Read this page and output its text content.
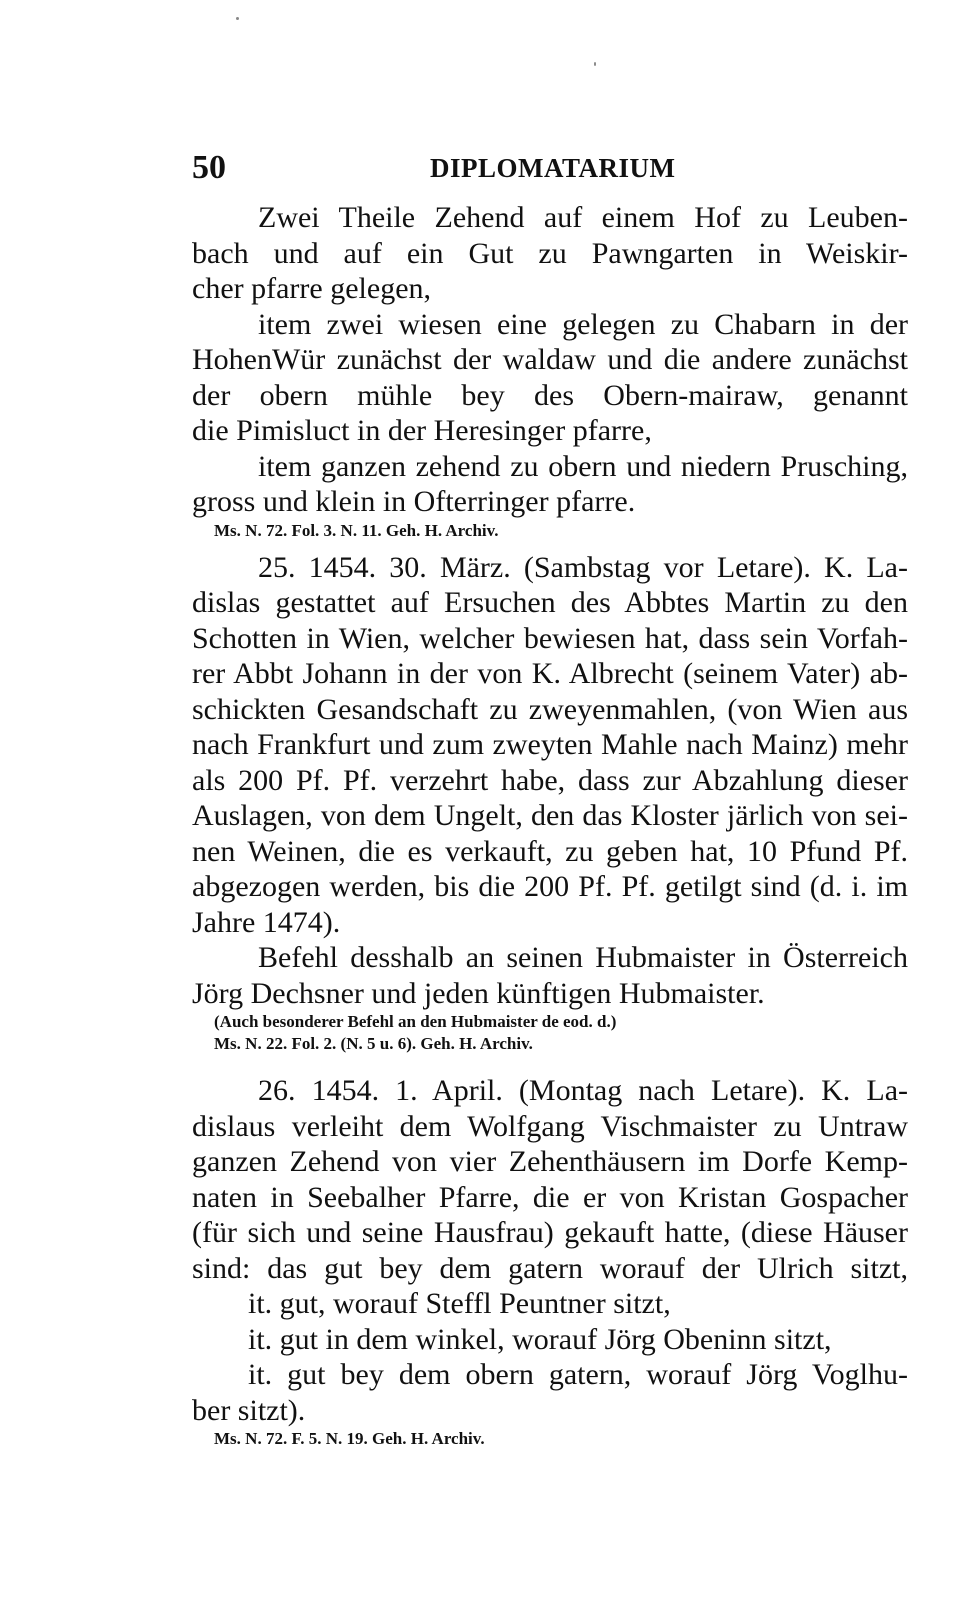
50	DIPLOMATARIUM
Zwei Theile Zehend auf einem Hof zu Leuben-
bach und auf ein Gut zu Pawngarten in Weiskir-
cher pfarre gelegen,
item zwei wiesen eine gelegen zu Chabarn in der
HohenWür zunächst der waldaw und die andere zunächst
der obern mühle bey des Obern-mairaw, genannt
die Pimisluct in der Heresinger pfarre,
item ganzen zehend zu obern und niedern Prusching,
gross und klein in Ofterringer pfarre.
Ms. N. 72. Fol. 3. N. 11. Geh. H. Archiv.
25. 1454. 30. März. (Sambstag vor Letare). K. La-
dislas gestattet auf Ersuchen des Abbtes Martin zu den
Schotten in Wien, welcher bewiesen hat, dass sein Vorfah-
rer Abbt Johann in der von K. Albrecht (seinem Vater) ab-
schickten Gesandschaft zu zweyenmahlen, (von Wien aus
nach Frankfurt und zum zweyten Mahle nach Mainz) mehr
als 200 Pf. Pf. verzehrt habe, dass zur Abzahlung dieser
Auslagen, von dem Ungelt, den das Kloster järlich von sei-
nen Weinen, die es verkauft, zu geben hat, 10 Pfund Pf.
abgezogen werden, bis die 200 Pf. Pf. getilgt sind (d. i. im
Jahre 1474).
Befehl desshalb an seinen Hubmaister in Österreich
Jörg Dechsner und jeden künftigen Hubmaister.
(Auch besonderer Befehl an den Hubmaister de eod. d.)
Ms. N. 22. Fol. 2. (N. 5 u. 6). Geh. H. Archiv.
26. 1454. 1. April. (Montag nach Letare). K. La-
dislaus verleiht dem Wolfgang Vischmaister zu Untraw
ganzen Zehend von vier Zehenthäusern im Dorfe Kemp-
naten in Seebalher Pfarre, die er von Kristan Gospacher
(für sich und seine Hausfrau) gekauft hatte, (diese Häuser
sind: das gut bey dem gatern worauf der Ulrich sitzt,
it. gut, worauf Steffl Peuntner sitzt,
it. gut in dem winkel, worauf Jörg Obeninn sitzt,
it. gut bey dem obern gatern, worauf Jörg Voglhu-
ber sitzt).
Ms. N. 72. F. 5. N. 19. Geh. H. Archiv.
